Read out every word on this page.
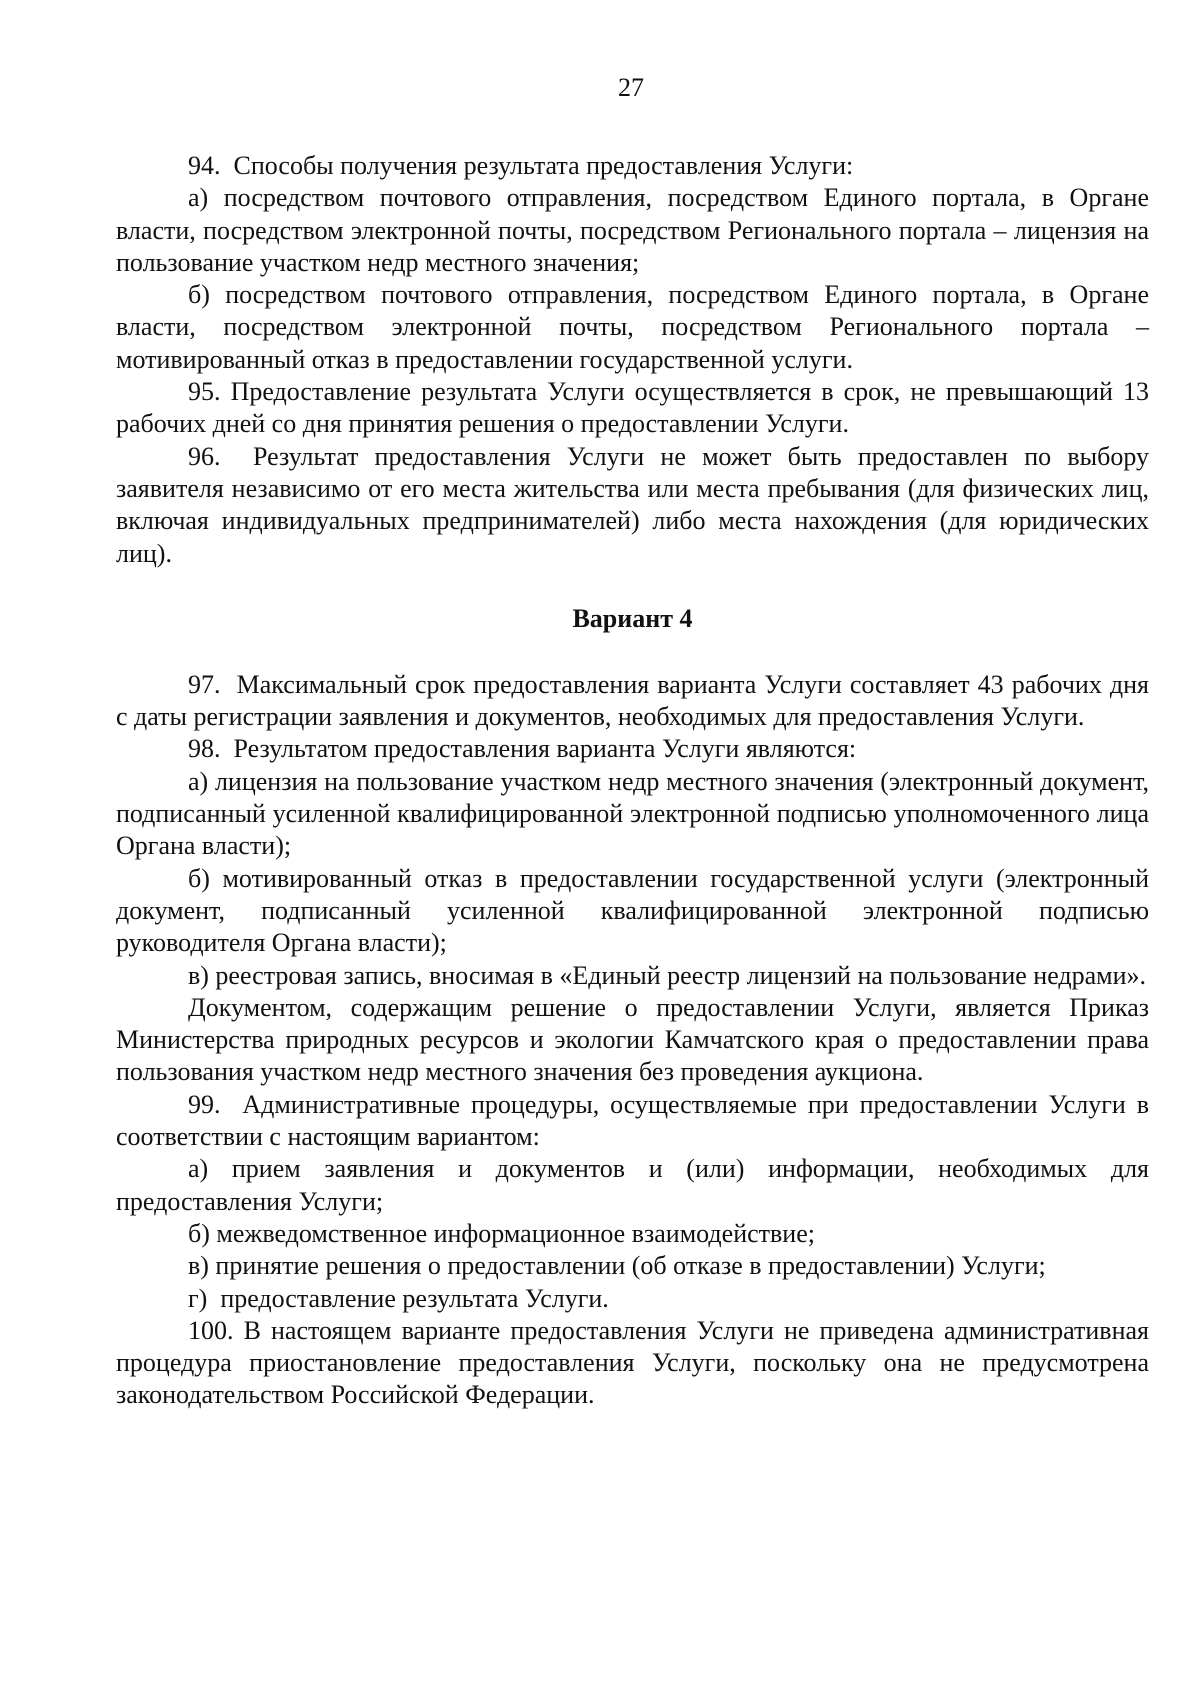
27

94.  Способы получения результата предоставления Услуги:

а) посредством почтового отправления, посредством Единого портала, в Органе власти, посредством электронной почты, посредством Регионального портала – лицензия на пользование участком недр местного значения;

б) посредством почтового отправления, посредством Единого портала, в Органе власти, посредством электронной почты, посредством Регионального портала – мотивированный отказ в предоставлении государственной услуги.

95. Предоставление результата Услуги осуществляется в срок, не превышающий 13 рабочих дней со дня принятия решения о предоставлении Услуги.

96.  Результат предоставления Услуги не может быть предоставлен по выбору заявителя независимо от его места жительства или места пребывания (для физических лиц, включая индивидуальных предпринимателей) либо места нахождения (для юридических лиц).

Вариант 4

97.  Максимальный срок предоставления варианта Услуги составляет 43 рабочих дня с даты регистрации заявления и документов, необходимых для предоставления Услуги.

98.  Результатом предоставления варианта Услуги являются:

а) лицензия на пользование участком недр местного значения (электронный документ, подписанный усиленной квалифицированной электронной подписью уполномоченного лица Органа власти);

б) мотивированный отказ в предоставлении государственной услуги (электронный документ, подписанный усиленной квалифицированной электронной подписью руководителя Органа власти);

в) реестровая запись, вносимая в «Единый реестр лицензий на пользование недрами».

Документом, содержащим решение о предоставлении Услуги, является Приказ Министерства природных ресурсов и экологии Камчатского края о предоставлении права пользования участком недр местного значения без проведения аукциона.

99.  Административные процедуры, осуществляемые при предоставлении Услуги в соответствии с настоящим вариантом:

а) прием заявления и документов и (или) информации, необходимых для предоставления Услуги;

б) межведомственное информационное взаимодействие;

в) принятие решения о предоставлении (об отказе в предоставлении) Услуги;

г)  предоставление результата Услуги.

100. В настоящем варианте предоставления Услуги не приведена административная процедура приостановление предоставления Услуги, поскольку она не предусмотрена законодательством Российской Федерации.
